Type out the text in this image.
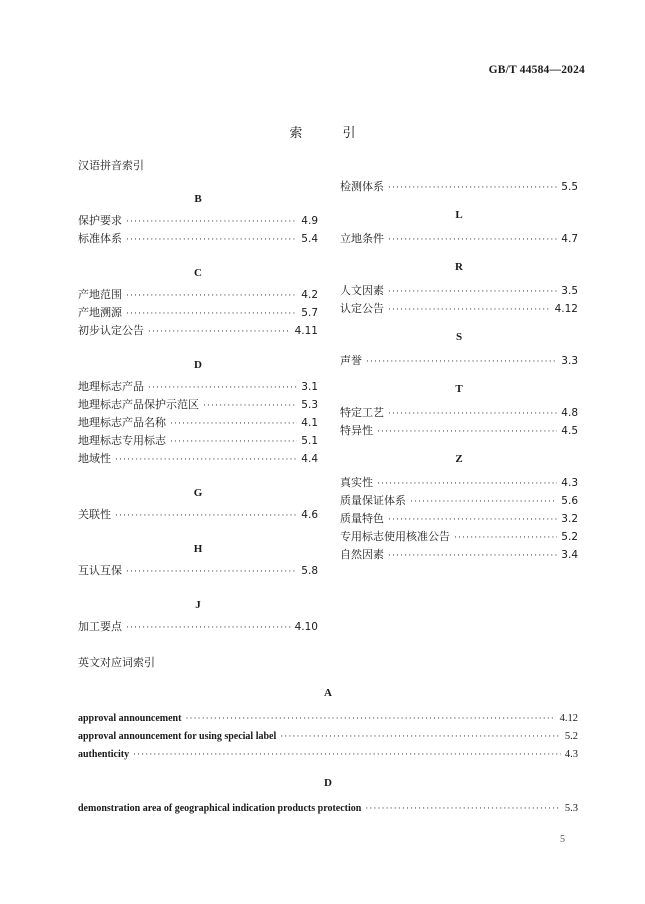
GB/T 44584—2024
索 引
汉语拼音索引
B
保护要求 ·····	4.9
标准体系 ·····	5.4
C
产地范围 ·····	4.2
产地溯源 ·····	5.7
初步认定公告 ·····	4.11
D
地理标志产品 ·····	3.1
地理标志产品保护示范区 ·····	5.3
地理标志产品名称 ·····	4.1
地理标志专用标志 ·····	5.1
地域性 ·····	4.4
G
关联性 ·····	4.6
H
互认互保 ·····	5.8
J
加工要点 ·····	4.10
检测体系 ·····	5.5
L
立地条件 ·····	4.7
R
人文因素 ·····	3.5
认定公告 ·····	4.12
S
声誉 ·····	3.3
T
特定工艺 ·····	4.8
特异性 ·····	4.5
Z
真实性 ·····	4.3
质量保证体系 ·····	5.6
质量特色 ·····	3.2
专用标志使用核准公告 ·····	5.2
自然因素 ·····	3.4
英文对应词索引
A
approval announcement ·····	4.12
approval announcement for using special label ·····	5.2
authenticity ·····	4.3
D
demonstration area of geographical indication products protection ·····	5.3
5
